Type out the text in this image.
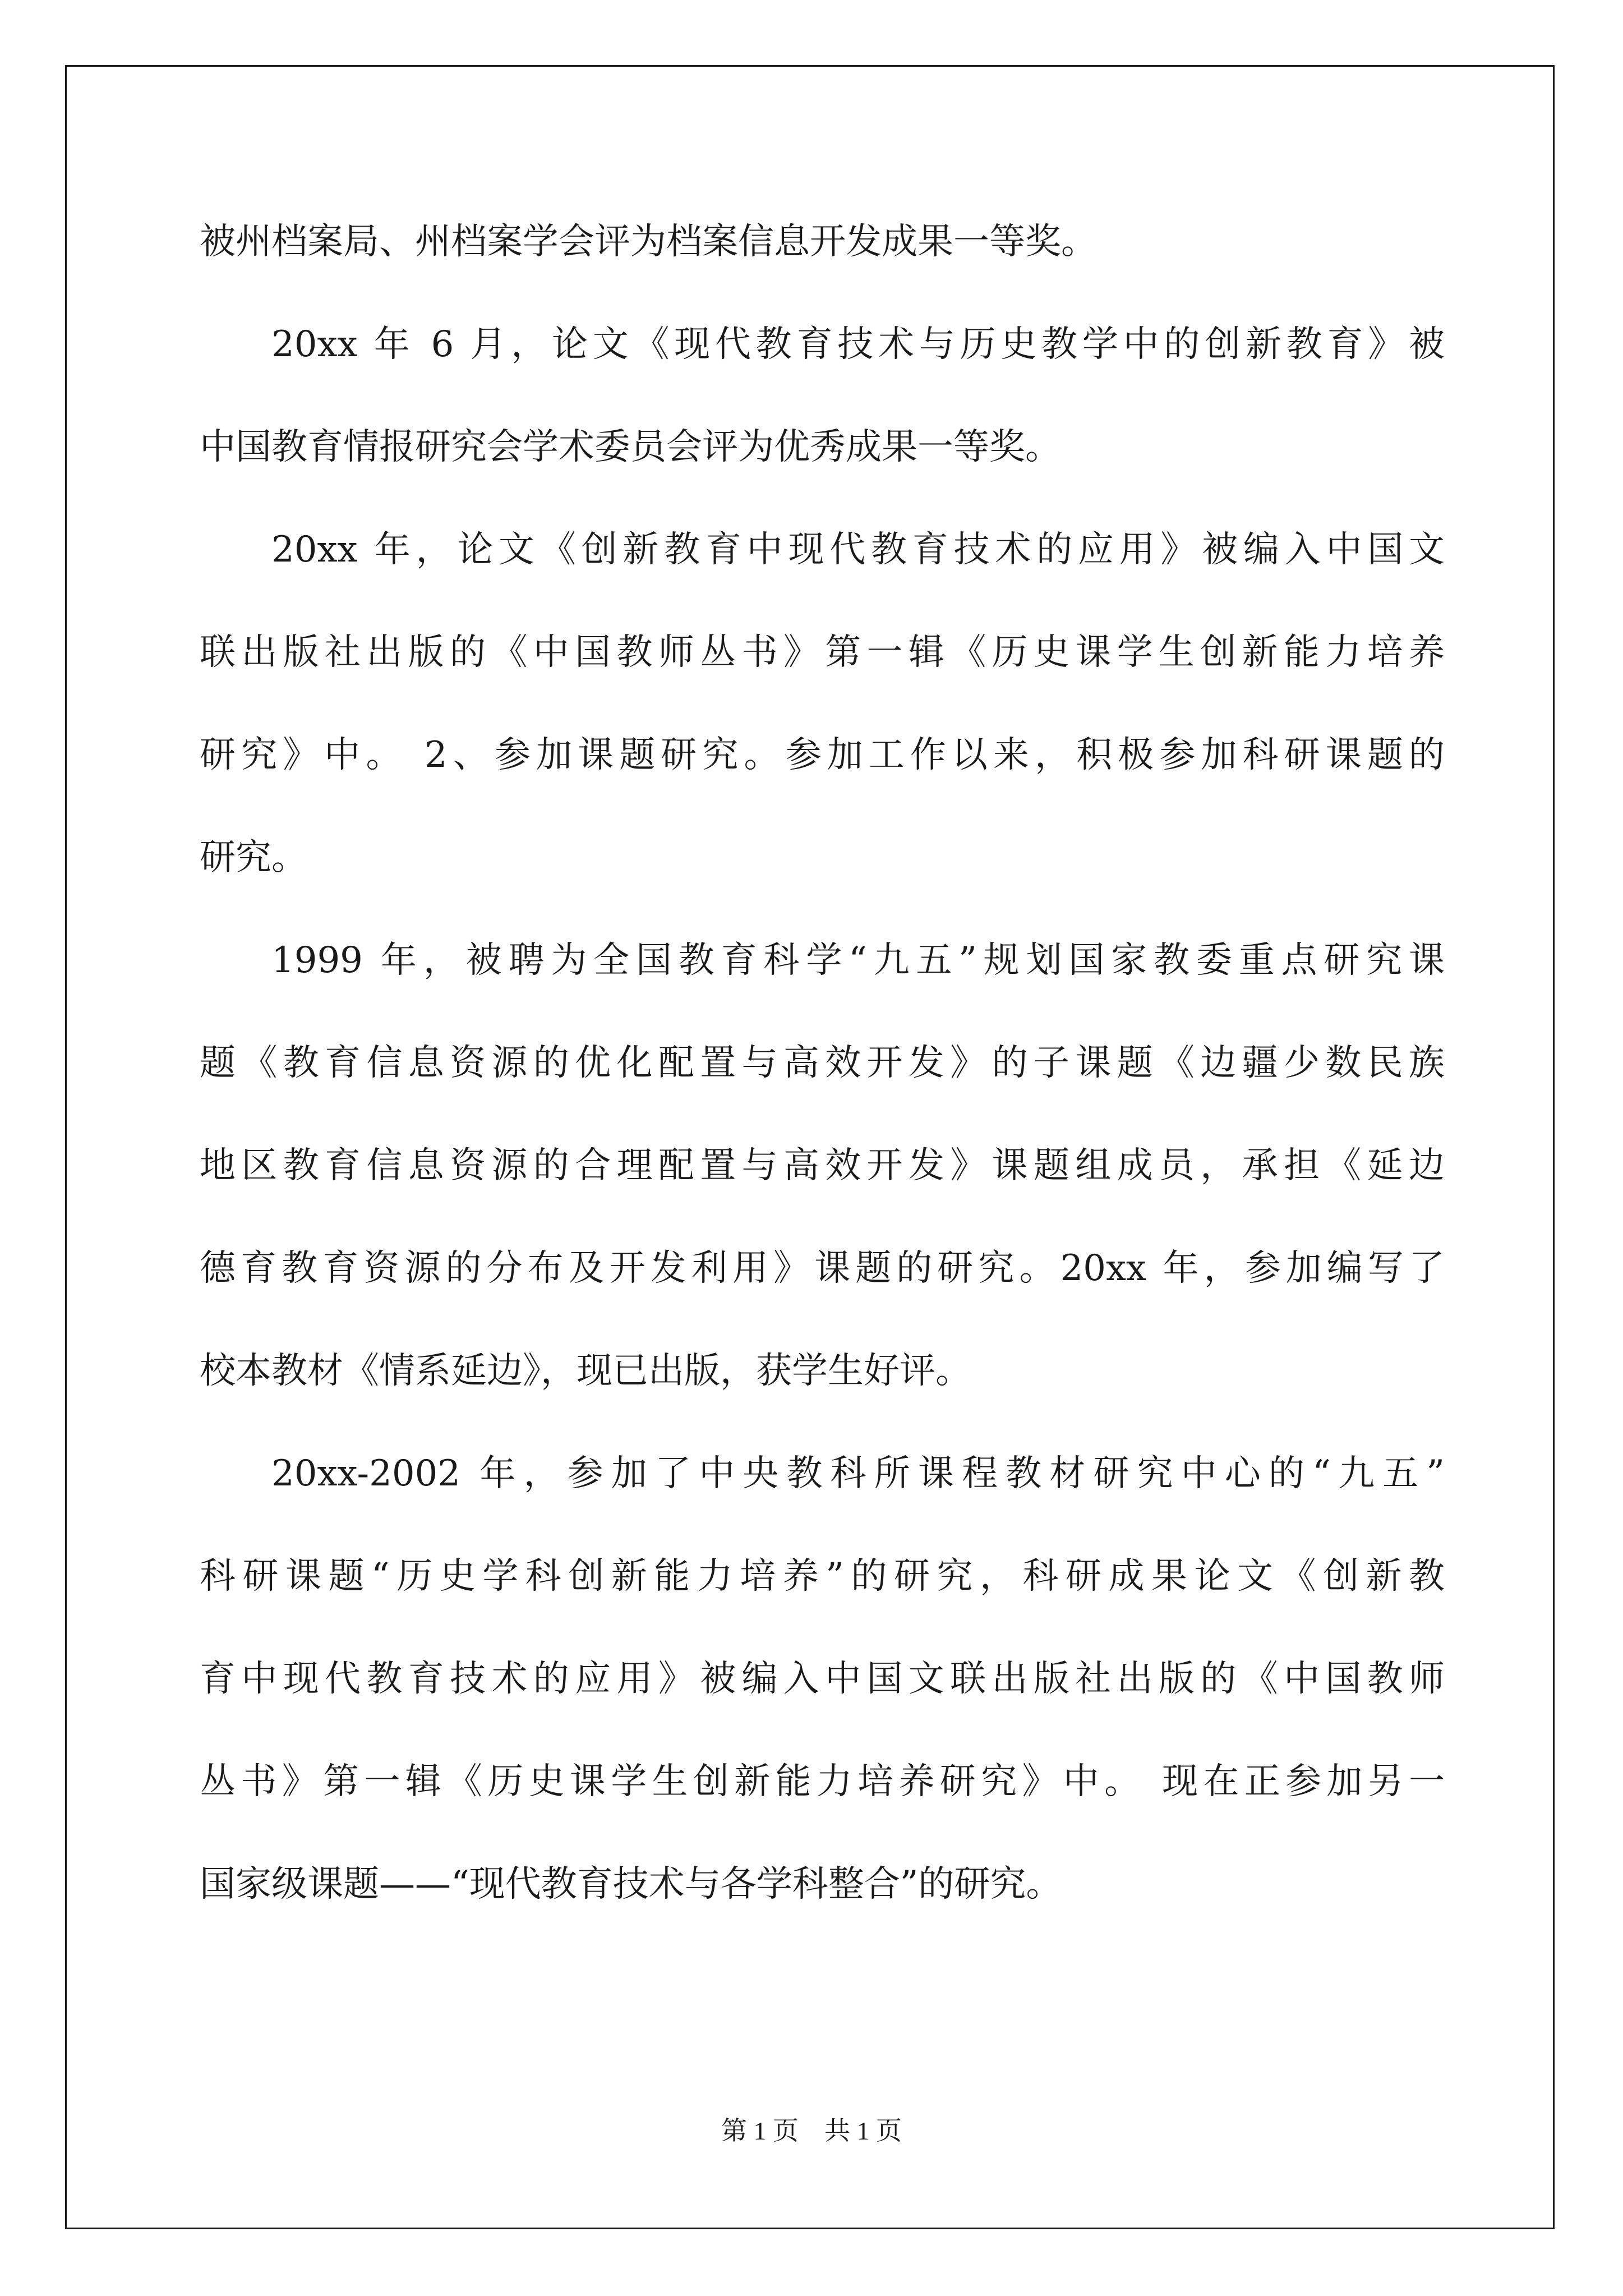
被州档案局、州档案学会评为档案信息开发成果一等奖。
20xx 年 6 月，论文《现代教育技术与历史教学中的创新教育》被
中国教育情报研究会学术委员会评为优秀成果一等奖。
20xx 年，论文《创新教育中现代教育技术的应用》被编入中国文
联出版社出版的《中国教师丛书》第一辑《历史课学生创新能力培养
研究》中。 2、参加课题研究。参加工作以来，积极参加科研课题的
研究。
1999 年，被聘为全国教育科学“九五”规划国家教委重点研究课
题《教育信息资源的优化配置与高效开发》的子课题《边疆少数民族
地区教育信息资源的合理配置与高效开发》课题组成员，承担《延边
德育教育资源的分布及开发利用》课题的研究。20xx 年，参加编写了
校本教材《情系延边》，现已出版，获学生好评。
20xx-2002 年，参加了中央教科所课程教材研究中心的“九五”
科研课题“历史学科创新能力培养”的研究，科研成果论文《创新教
育中现代教育技术的应用》被编入中国文联出版社出版的《中国教师
丛书》第一辑《历史课学生创新能力培养研究》中。 现在正参加另一
国家级课题——“现代教育技术与各学科整合”的研究。
第 1 页    共 1 页
